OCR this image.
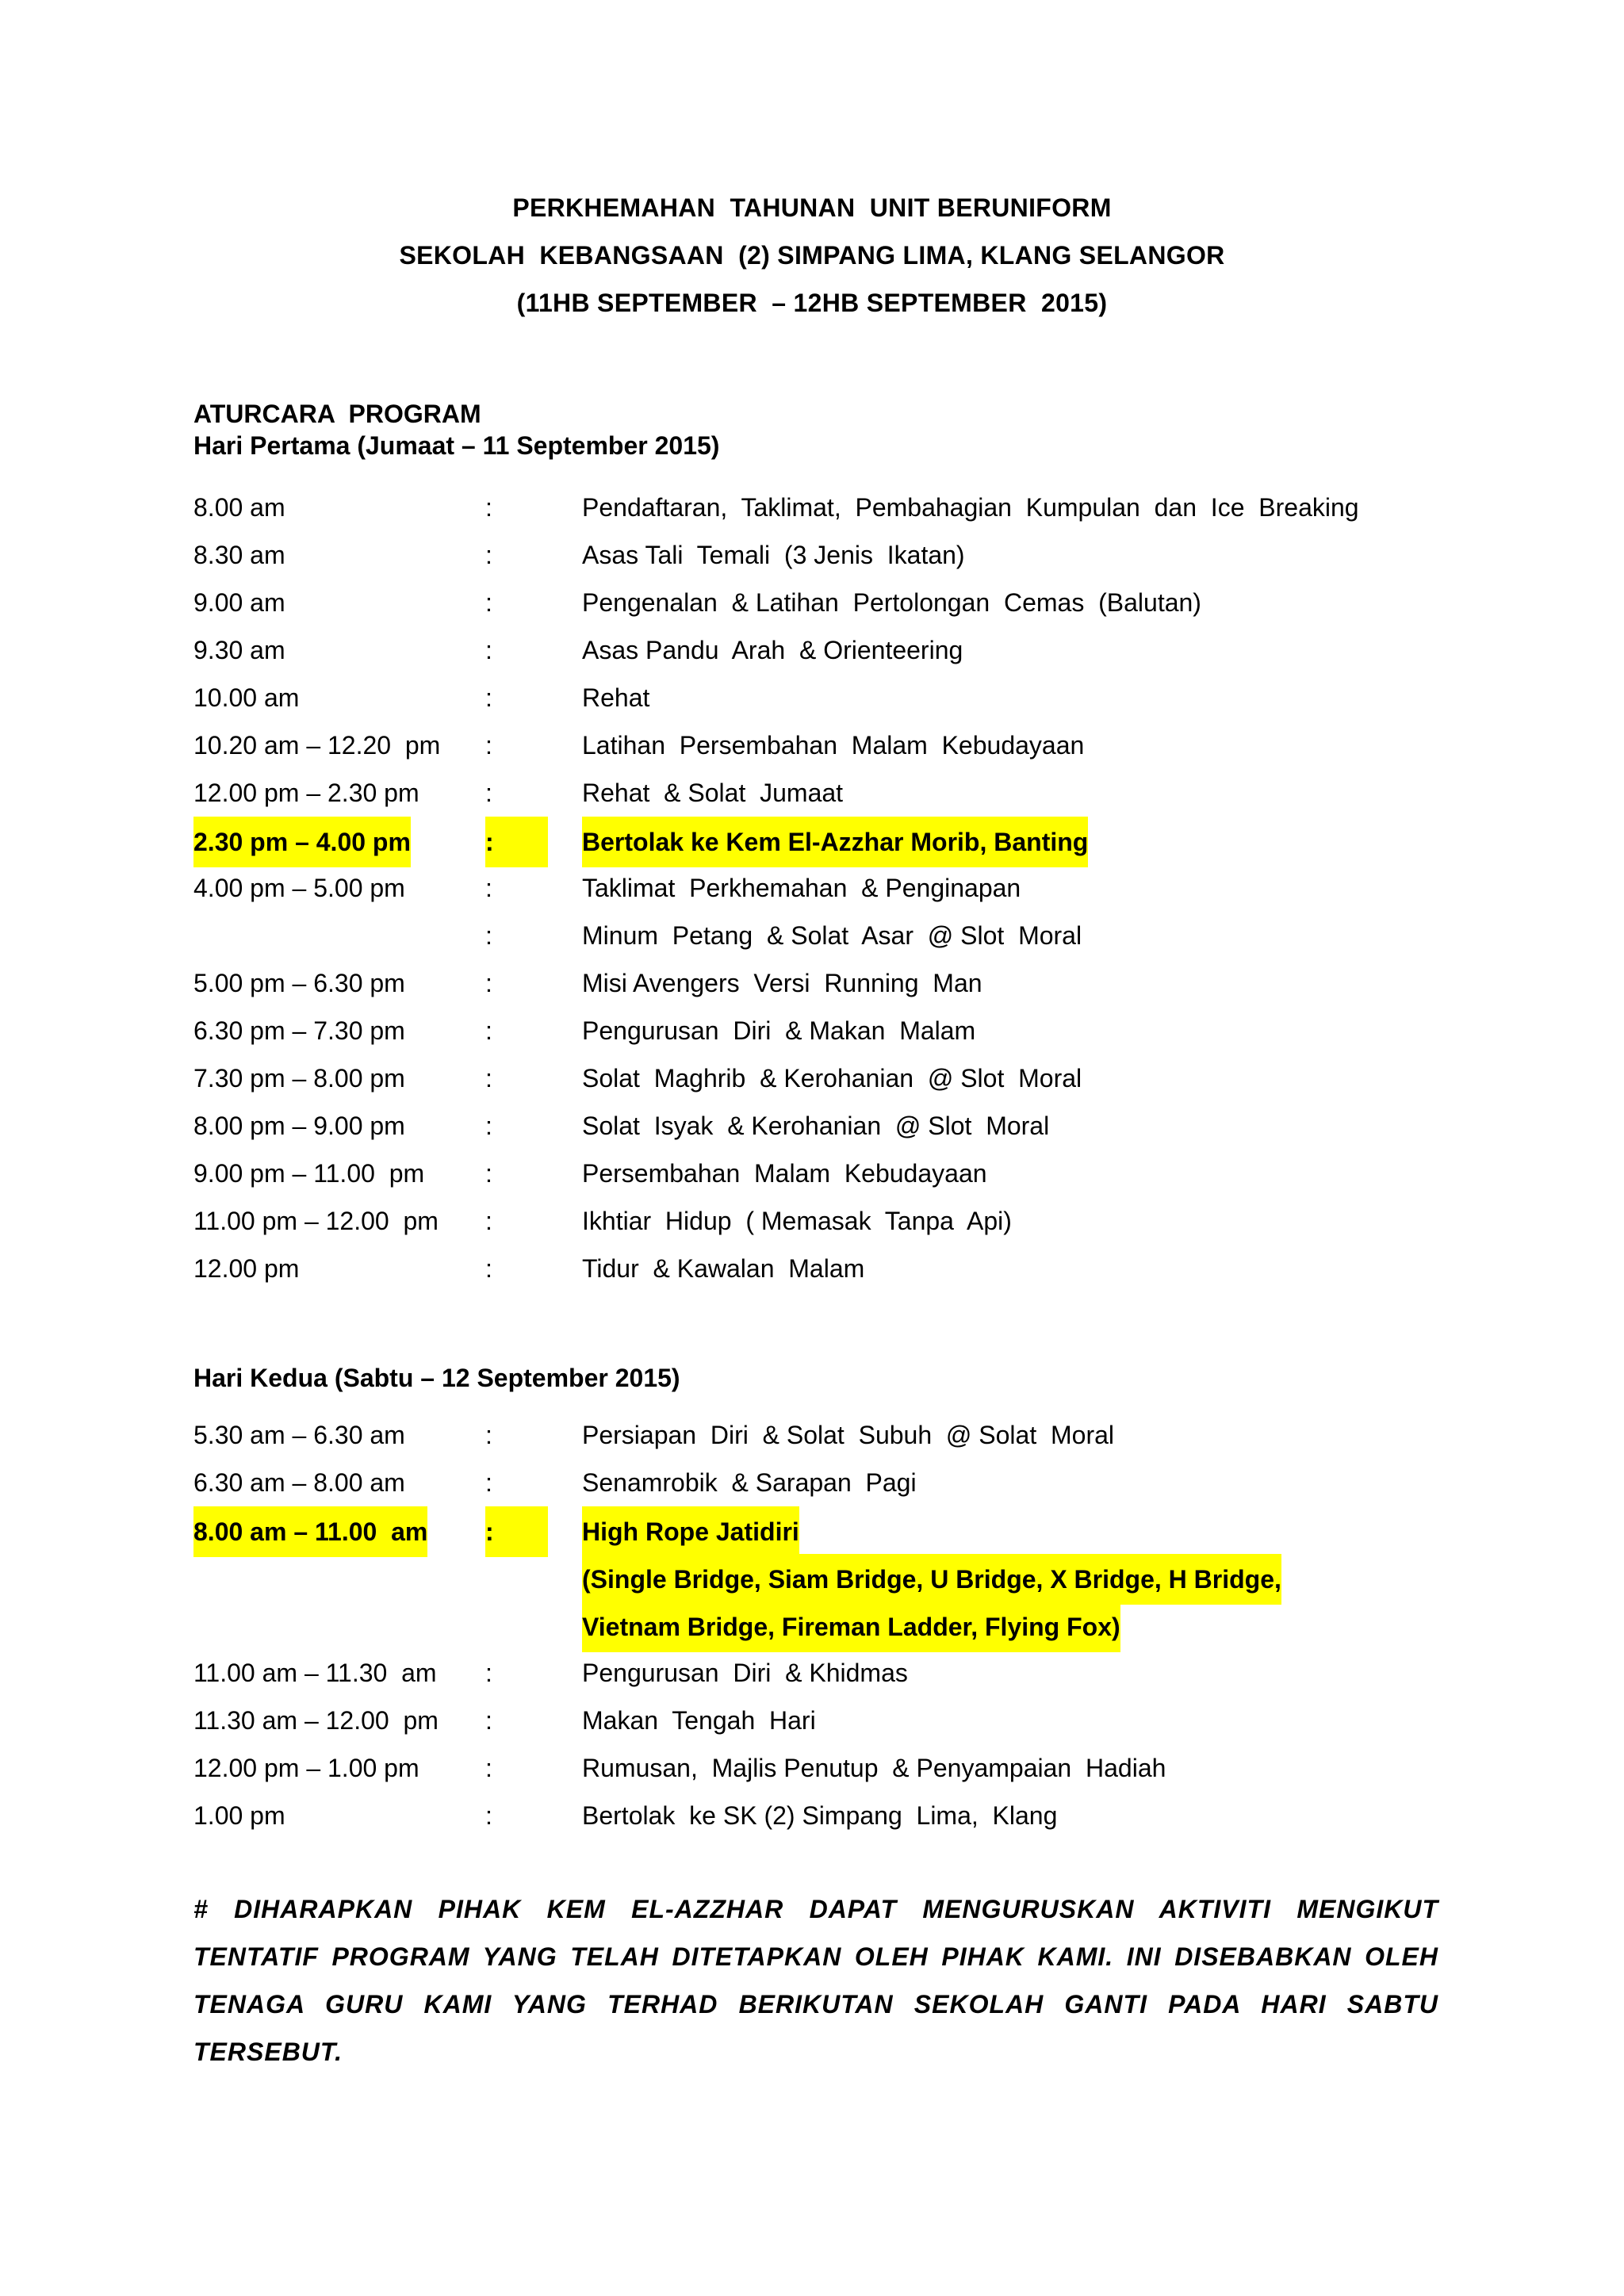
PERKHEMAHAN  TAHUNAN  UNIT BERUNIFORM
SEKOLAH  KEBANGSAAN  (2) SIMPANG LIMA, KLANG SELANGOR
(11HB SEPTEMBER  – 12HB SEPTEMBER  2015)
ATURCARA  PROGRAM
Hari Pertama (Jumaat – 11 September 2015)
8.00 am	:	Pendaftaran,  Taklimat,  Pembahagian  Kumpulan  dan  Ice  Breaking
8.30 am	:	Asas Tali  Temali  (3 Jenis  Ikatan)
9.00 am	:	Pengenalan  & Latihan  Pertolongan  Cemas  (Balutan)
9.30 am	:	Asas Pandu  Arah  & Orienteering
10.00 am	:	Rehat
10.20 am – 12.20  pm :	Latihan  Persembahan  Malam  Kebudayaan
12.00 pm – 2.30 pm	:	Rehat  & Solat  Jumaat
2.30 pm – 4.00 pm	:	Bertolak ke Kem El-Azzhar Morib, Banting
4.00 pm – 5.00 pm	:	Taklimat  Perkhemahan  & Penginapan
:	Minum  Petang  & Solat  Asar  @ Slot  Moral
5.00 pm – 6.30 pm	:	Misi Avengers  Versi  Running  Man
6.30 pm – 7.30 pm	:	Pengurusan  Diri  & Makan  Malam
7.30 pm – 8.00 pm	:	Solat  Maghrib  & Kerohanian  @ Slot  Moral
8.00 pm – 9.00 pm	:	Solat  Isyak  & Kerohanian  @ Slot  Moral
9.00 pm – 11.00  pm :	Persembahan  Malam  Kebudayaan
11.00 pm – 12.00  pm :	Ikhtiar  Hidup  ( Memasak  Tanpa  Api)
12.00 pm	:	Tidur  & Kawalan  Malam
Hari Kedua (Sabtu – 12 September 2015)
5.30 am – 6.30 am	:	Persiapan  Diri  & Solat  Subuh  @ Solat  Moral
6.30 am – 8.00 am	:	Senamrobik  & Sarapan  Pagi
8.00 am – 11.00  am :	High Rope Jatidiri
(Single Bridge, Siam Bridge, U Bridge, X Bridge, H Bridge,
Vietnam Bridge, Fireman Ladder, Flying Fox)
11.00 am – 11.30  am :	Pengurusan  Diri  & Khidmas
11.30 am – 12.00  pm :	Makan  Tengah  Hari
12.00 pm – 1.00 pm	:	Rumusan,  Majlis Penutup  & Penyampaian  Hadiah
1.00 pm	:	Bertolak  ke SK (2) Simpang  Lima,  Klang
# DIHARAPKAN PIHAK KEM EL-AZZHAR DAPAT MENGURUSKAN AKTIVITI MENGIKUT TENTATIF PROGRAM YANG TELAH DITETAPKAN OLEH PIHAK KAMI. INI DISEBABKAN OLEH TENAGA GURU KAMI YANG TERHAD BERIKUTAN SEKOLAH GANTI PADA HARI SABTU TERSEBUT.
